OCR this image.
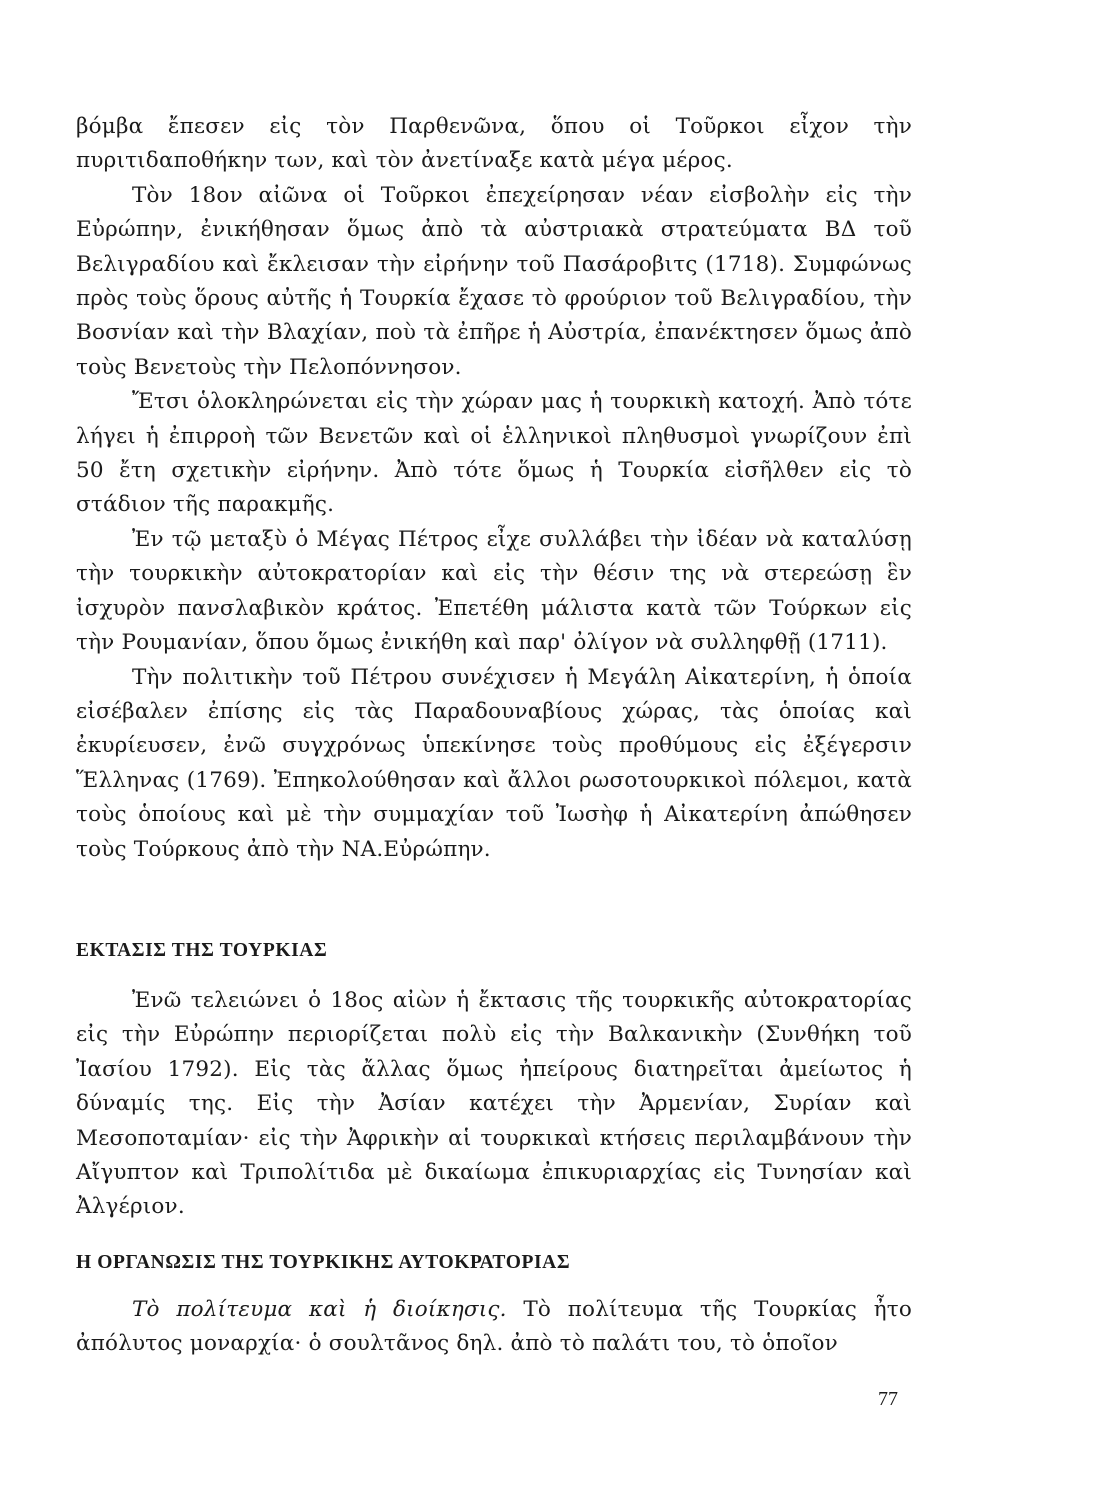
βόμβα ἔπεσεν εἰς τὸν Παρθενῶνα, ὅπου οἱ Τοῦρκοι εἶχον τὴν πυριτιδαποθήκην των, καὶ τὸν ἀνετίναξε κατὰ μέγα μέρος.

Τὸν 18ον αἰῶνα οἱ Τοῦρκοι ἐπεχείρησαν νέαν εἰσβολὴν εἰς τὴν Εὐρώπην, ἐνικήθησαν ὅμως ἀπὸ τὰ αὐστριακὰ στρατεύματα ΒΔ τοῦ Βελιγραδίου καὶ ἔκλεισαν τὴν εἰρήνην τοῦ Πασάροβιτς (1718). Συμφώνως πρὸς τοὺς ὅρους αὐτῆς ἡ Τουρκία ἔχασε τὸ φρούριον τοῦ Βελιγραδίου, τὴν Βοσνίαν καὶ τὴν Βλαχίαν, ποὺ τὰ ἐπῆρε ἡ Αὐστρία, ἐπανέκτησεν ὅμως ἀπὸ τοὺς Βενετοὺς τὴν Πελοπόννησον.

Ἔτσι ὁλοκληρώνεται εἰς τὴν χώραν μας ἡ τουρκικὴ κατοχή. Ἀπὸ τότε λήγει ἡ ἐπιρροὴ τῶν Βενετῶν καὶ οἱ ἑλληνικοὶ πληθυσμοὶ γνωρίζουν ἐπὶ 50 ἔτη σχετικὴν εἰρήνην. Ἀπὸ τότε ὅμως ἡ Τουρκία εἰσῆλθεν εἰς τὸ στάδιον τῆς παρακμῆς.

Ἐν τῷ μεταξὺ ὁ Μέγας Πέτρος εἶχε συλλάβει τὴν ἰδέαν νὰ καταλύσῃ τὴν τουρκικὴν αὐτοκρατορίαν καὶ εἰς τὴν θέσιν της νὰ στερεώσῃ ἓν ἰσχυρὸν πανσλαβικὸν κράτος. Ἐπετέθη μάλιστα κατὰ τῶν Τούρκων εἰς τὴν Ρουμανίαν, ὅπου ὅμως ἐνικήθη καὶ παρ' ὀλίγον νὰ συλληφθῇ (1711).

Τὴν πολιτικὴν τοῦ Πέτρου συνέχισεν ἡ Μεγάλη Αἰκατερίνη, ἡ ὁποία εἰσέβαλεν ἐπίσης εἰς τὰς Παραδουναβίους χώρας, τὰς ὁποίας καὶ ἐκυρίευσεν, ἐνῶ συγχρόνως ὑπεκίνησε τοὺς προθύμους εἰς ἐξέγερσιν Ἕλληνας (1769). Ἐπηκολούθησαν καὶ ἄλλοι ρωσοτουρκικοὶ πόλεμοι, κατὰ τοὺς ὁποίους καὶ μὲ τὴν συμμαχίαν τοῦ Ἰωσὴφ ἡ Αἰκατερίνη ἀπώθησεν τοὺς Τούρκους ἀπὸ τὴν ΝΑ.Εὐρώπην.

ΕΚΤΑΣΙΣ ΤΗΣ ΤΟΥΡΚΙΑΣ

Ἐνῶ τελειώνει ὁ 18ος αἰὼν ἡ ἔκτασις τῆς τουρκικῆς αὐτοκρατορίας εἰς τὴν Εὐρώπην περιορίζεται πολὺ εἰς τὴν Βαλκανικὴν (Συνθήκη τοῦ Ἰασίου 1792). Εἰς τὰς ἄλλας ὅμως ἠπείρους διατηρεῖται ἀμείωτος ἡ δύναμίς της. Εἰς τὴν Ἀσίαν κατέχει τὴν Ἀρμενίαν, Συρίαν καὶ Μεσοποταμίαν· εἰς τὴν Ἀφρικὴν αἱ τουρκικαὶ κτήσεις περιλαμβάνουν τὴν Αἴγυπτον καὶ Τριπολίτιδα μὲ δικαίωμα ἐπικυριαρχίας εἰς Τυνησίαν καὶ Ἀλγέριον.

Η ΟΡΓΑΝΩΣΙΣ ΤΗΣ ΤΟΥΡΚΙΚΗΣ ΑΥΤΟΚΡΑΤΟΡΙΑΣ

Τὸ πολίτευμα καὶ ἡ διοίκησις. Τὸ πολίτευμα τῆς Τουρκίας ἦτο ἀπόλυτος μοναρχία· ὁ σουλτᾶνος δηλ. ἀπὸ τὸ παλάτι του, τὸ ὁποῖον

77
